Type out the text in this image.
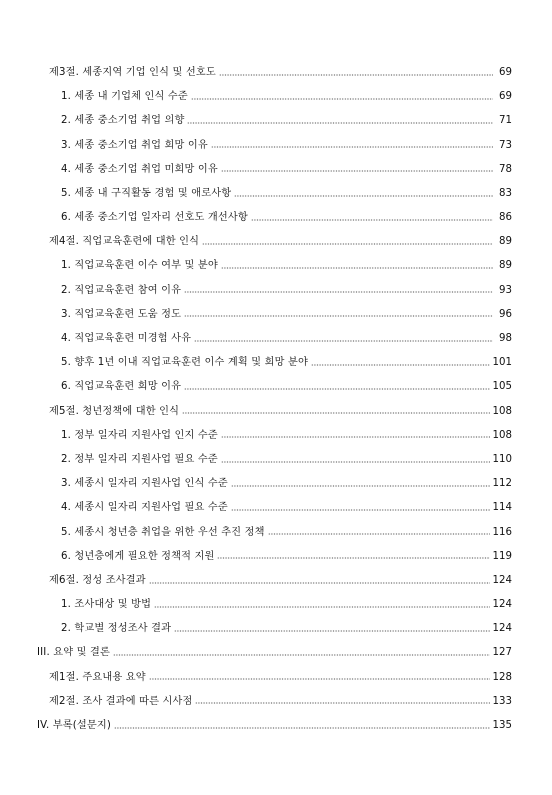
제3절. 세종지역 기업 인식 및 선호도	69
1. 세종 내 기업체 인식 수준	69
2. 세종 중소기업 취업 의향	71
3. 세종 중소기업 취업 희망 이유	73
4. 세종 중소기업 취업 미희망 이유	78
5. 세종 내 구직활동 경험 및 애로사항	83
6. 세종 중소기업 일자리 선호도 개선사항	86
제4절. 직업교육훈련에 대한 인식	89
1. 직업교육훈련 이수 여부 및 분야	89
2. 직업교육훈련 참여 이유	93
3. 직업교육훈련 도움 정도	96
4. 직업교육훈련 미경험 사유	98
5. 향후 1년 이내 직업교육훈련 이수 계획 및 희망 분야	101
6. 직업교육훈련 희망 이유	105
제5절. 청년정책에 대한 인식	108
1. 정부 일자리 지원사업 인지 수준	108
2. 정부 일자리 지원사업 필요 수준	110
3. 세종시 일자리 지원사업 인식 수준	112
4. 세종시 일자리 지원사업 필요 수준	114
5. 세종시 청년층 취업을 위한 우선 추진 정책	116
6. 청년층에게 필요한 정책적 지원	119
제6절. 정성 조사결과	124
1. 조사대상 및 방법	124
2. 학교별 정성조사 결과	124
III. 요약 및 결론	127
제1절. 주요내용 요약	128
제2절. 조사 결과에 따른 시사점	133
IV. 부록(설문지)	135
